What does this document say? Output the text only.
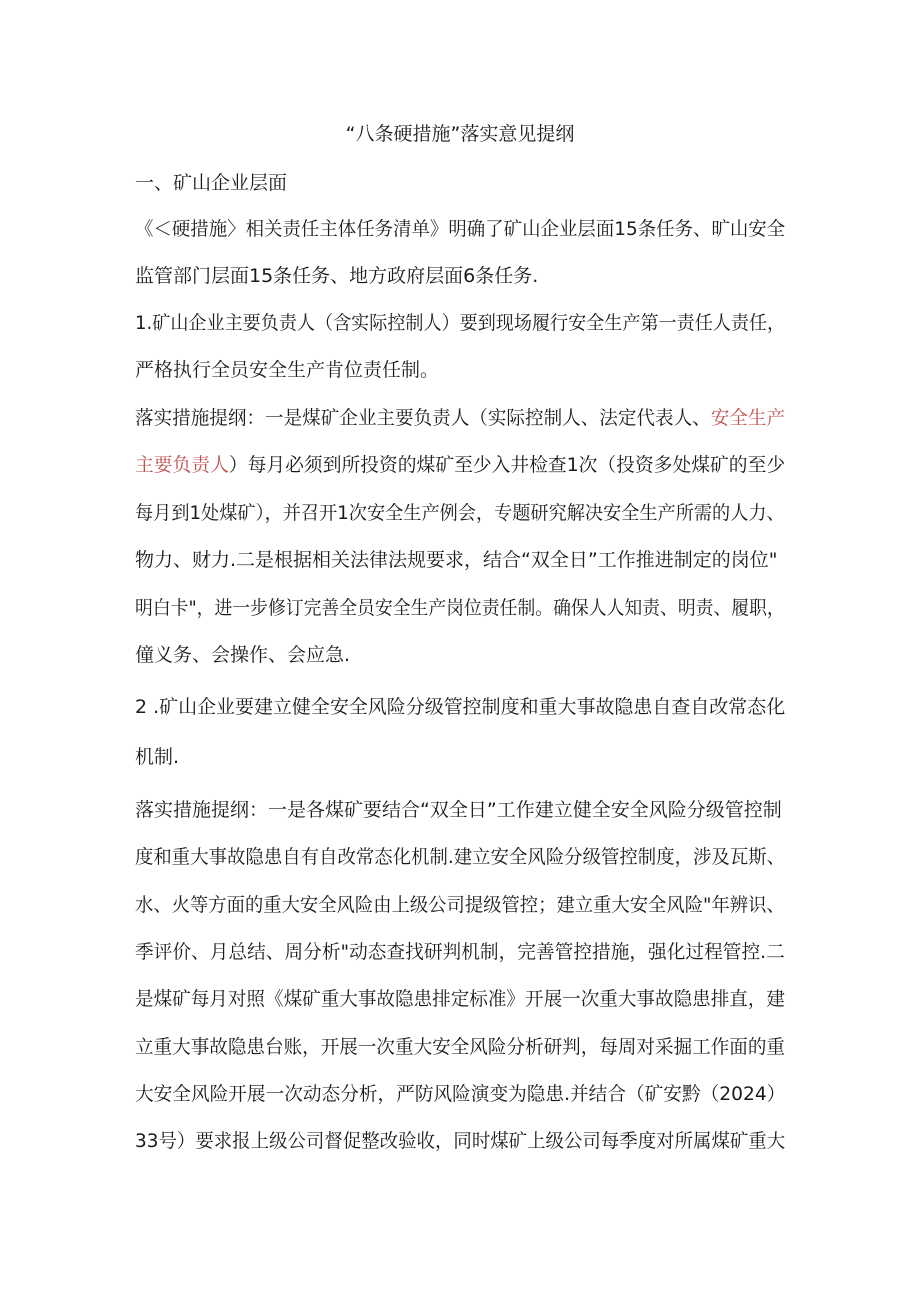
“八条硬措施”落实意见提纲
一、矿山企业层面
《＜硬措施〉相关责任主体任务清单》明确了矿山企业层面15条任务、旷山安全
监管部门层面15条任务、地方政府层面6条任务.
1.矿山企业主要负责人（含实际控制人）要到现场履行安全生产第一责任人责任，
严格执行全员安全生产肯位责任制。
落实措施提纲：一是煤矿企业主要负责人（实际控制人、法定代表人、安全生产
主要负责人）每月必须到所投资的煤矿至少入井检查1次（投资多处煤矿的至少
每月到1处煤矿），并召开1次安全生产例会，专题研究解决安全生产所需的人力、
物力、财力.二是根据相关法律法规要求，结合“双全日”工作推进制定的岗位"
明白卡"，进一步修订完善全员安全生产岗位责任制。确保人人知责、明责、履职，
僮义务、会操作、会应急.
2 .矿山企业要建立健全安全风险分级管控制度和重大事故隐患自查自改常态化
机制.
落实措施提纲：一是各煤矿要结合“双全日”工作建立健全安全风险分级管控制
度和重大事故隐患自有自改常态化机制.建立安全风险分级管控制度，涉及瓦斯、
水、火等方面的重大安全风险由上级公司提级管控；建立重大安全风险"年辨识、
季评价、月总结、周分析"动态查找研判机制，完善管控措施，强化过程管控.二
是煤矿每月对照《煤矿重大事故隐患排定标准》开展一次重大事故隐患排直，建
立重大事故隐患台账，开展一次重大安全风险分析研判，每周对采掘工作面的重
大安全风险开展一次动态分析，严防风险演变为隐患.并结合（矿安黔（2024）
33号）要求报上级公司督促整改验收，同时煤矿上级公司每季度对所属煤矿重大
